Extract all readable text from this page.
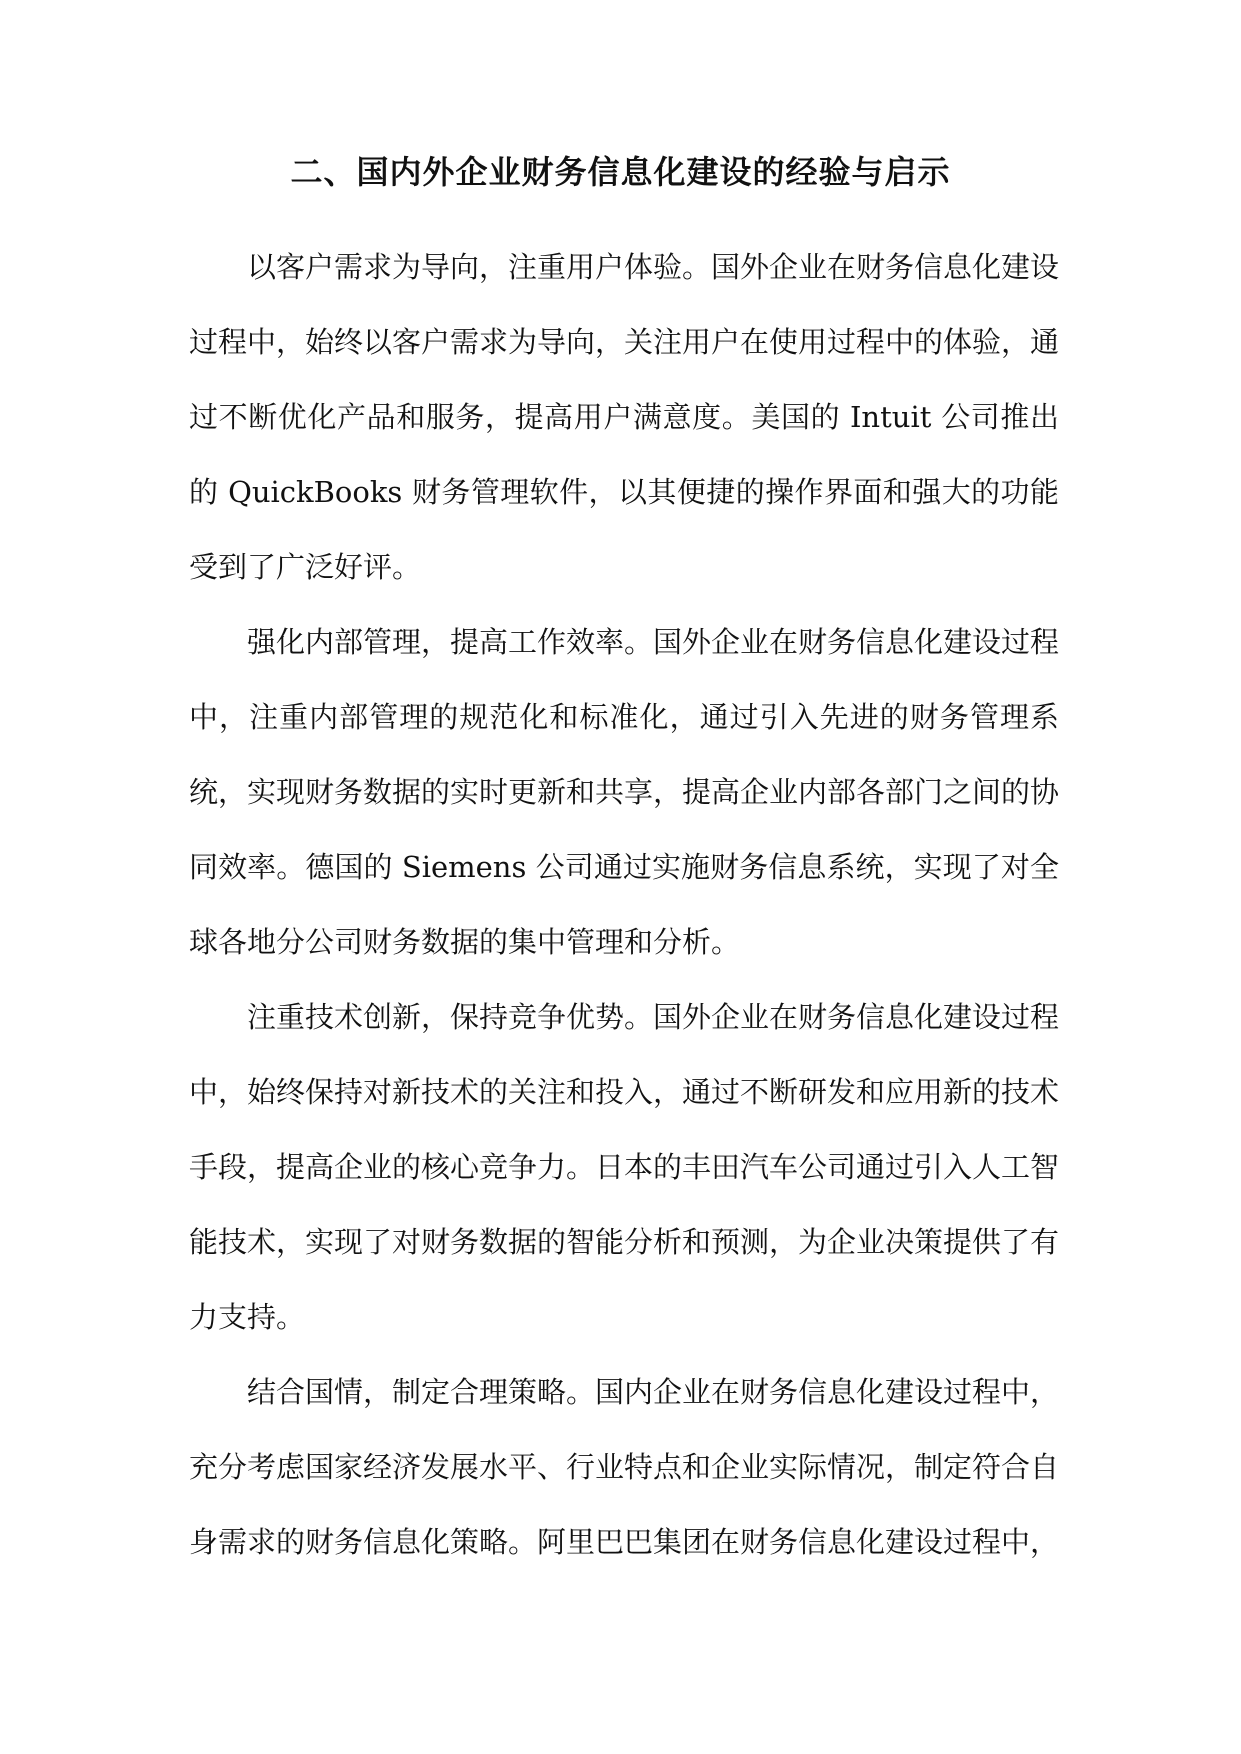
二、国内外企业财务信息化建设的经验与启示

以客户需求为导向，注重用户体验。国外企业在财务信息化建设过程中，始终以客户需求为导向，关注用户在使用过程中的体验，通过不断优化产品和服务，提高用户满意度。美国的 Intuit 公司推出的 QuickBooks 财务管理软件，以其便捷的操作界面和强大的功能受到了广泛好评。

强化内部管理，提高工作效率。国外企业在财务信息化建设过程中，注重内部管理的规范化和标准化，通过引入先进的财务管理系统，实现财务数据的实时更新和共享，提高企业内部各部门之间的协同效率。德国的 Siemens 公司通过实施财务信息系统，实现了对全球各地分公司财务数据的集中管理和分析。

注重技术创新，保持竞争优势。国外企业在财务信息化建设过程中，始终保持对新技术的关注和投入，通过不断研发和应用新的技术手段，提高企业的核心竞争力。日本的丰田汽车公司通过引入人工智能技术，实现了对财务数据的智能分析和预测，为企业决策提供了有力支持。

结合国情，制定合理策略。国内企业在财务信息化建设过程中，充分考虑国家经济发展水平、行业特点和企业实际情况，制定符合自身需求的财务信息化策略。阿里巴巴集团在财务信息化建设过程中，
